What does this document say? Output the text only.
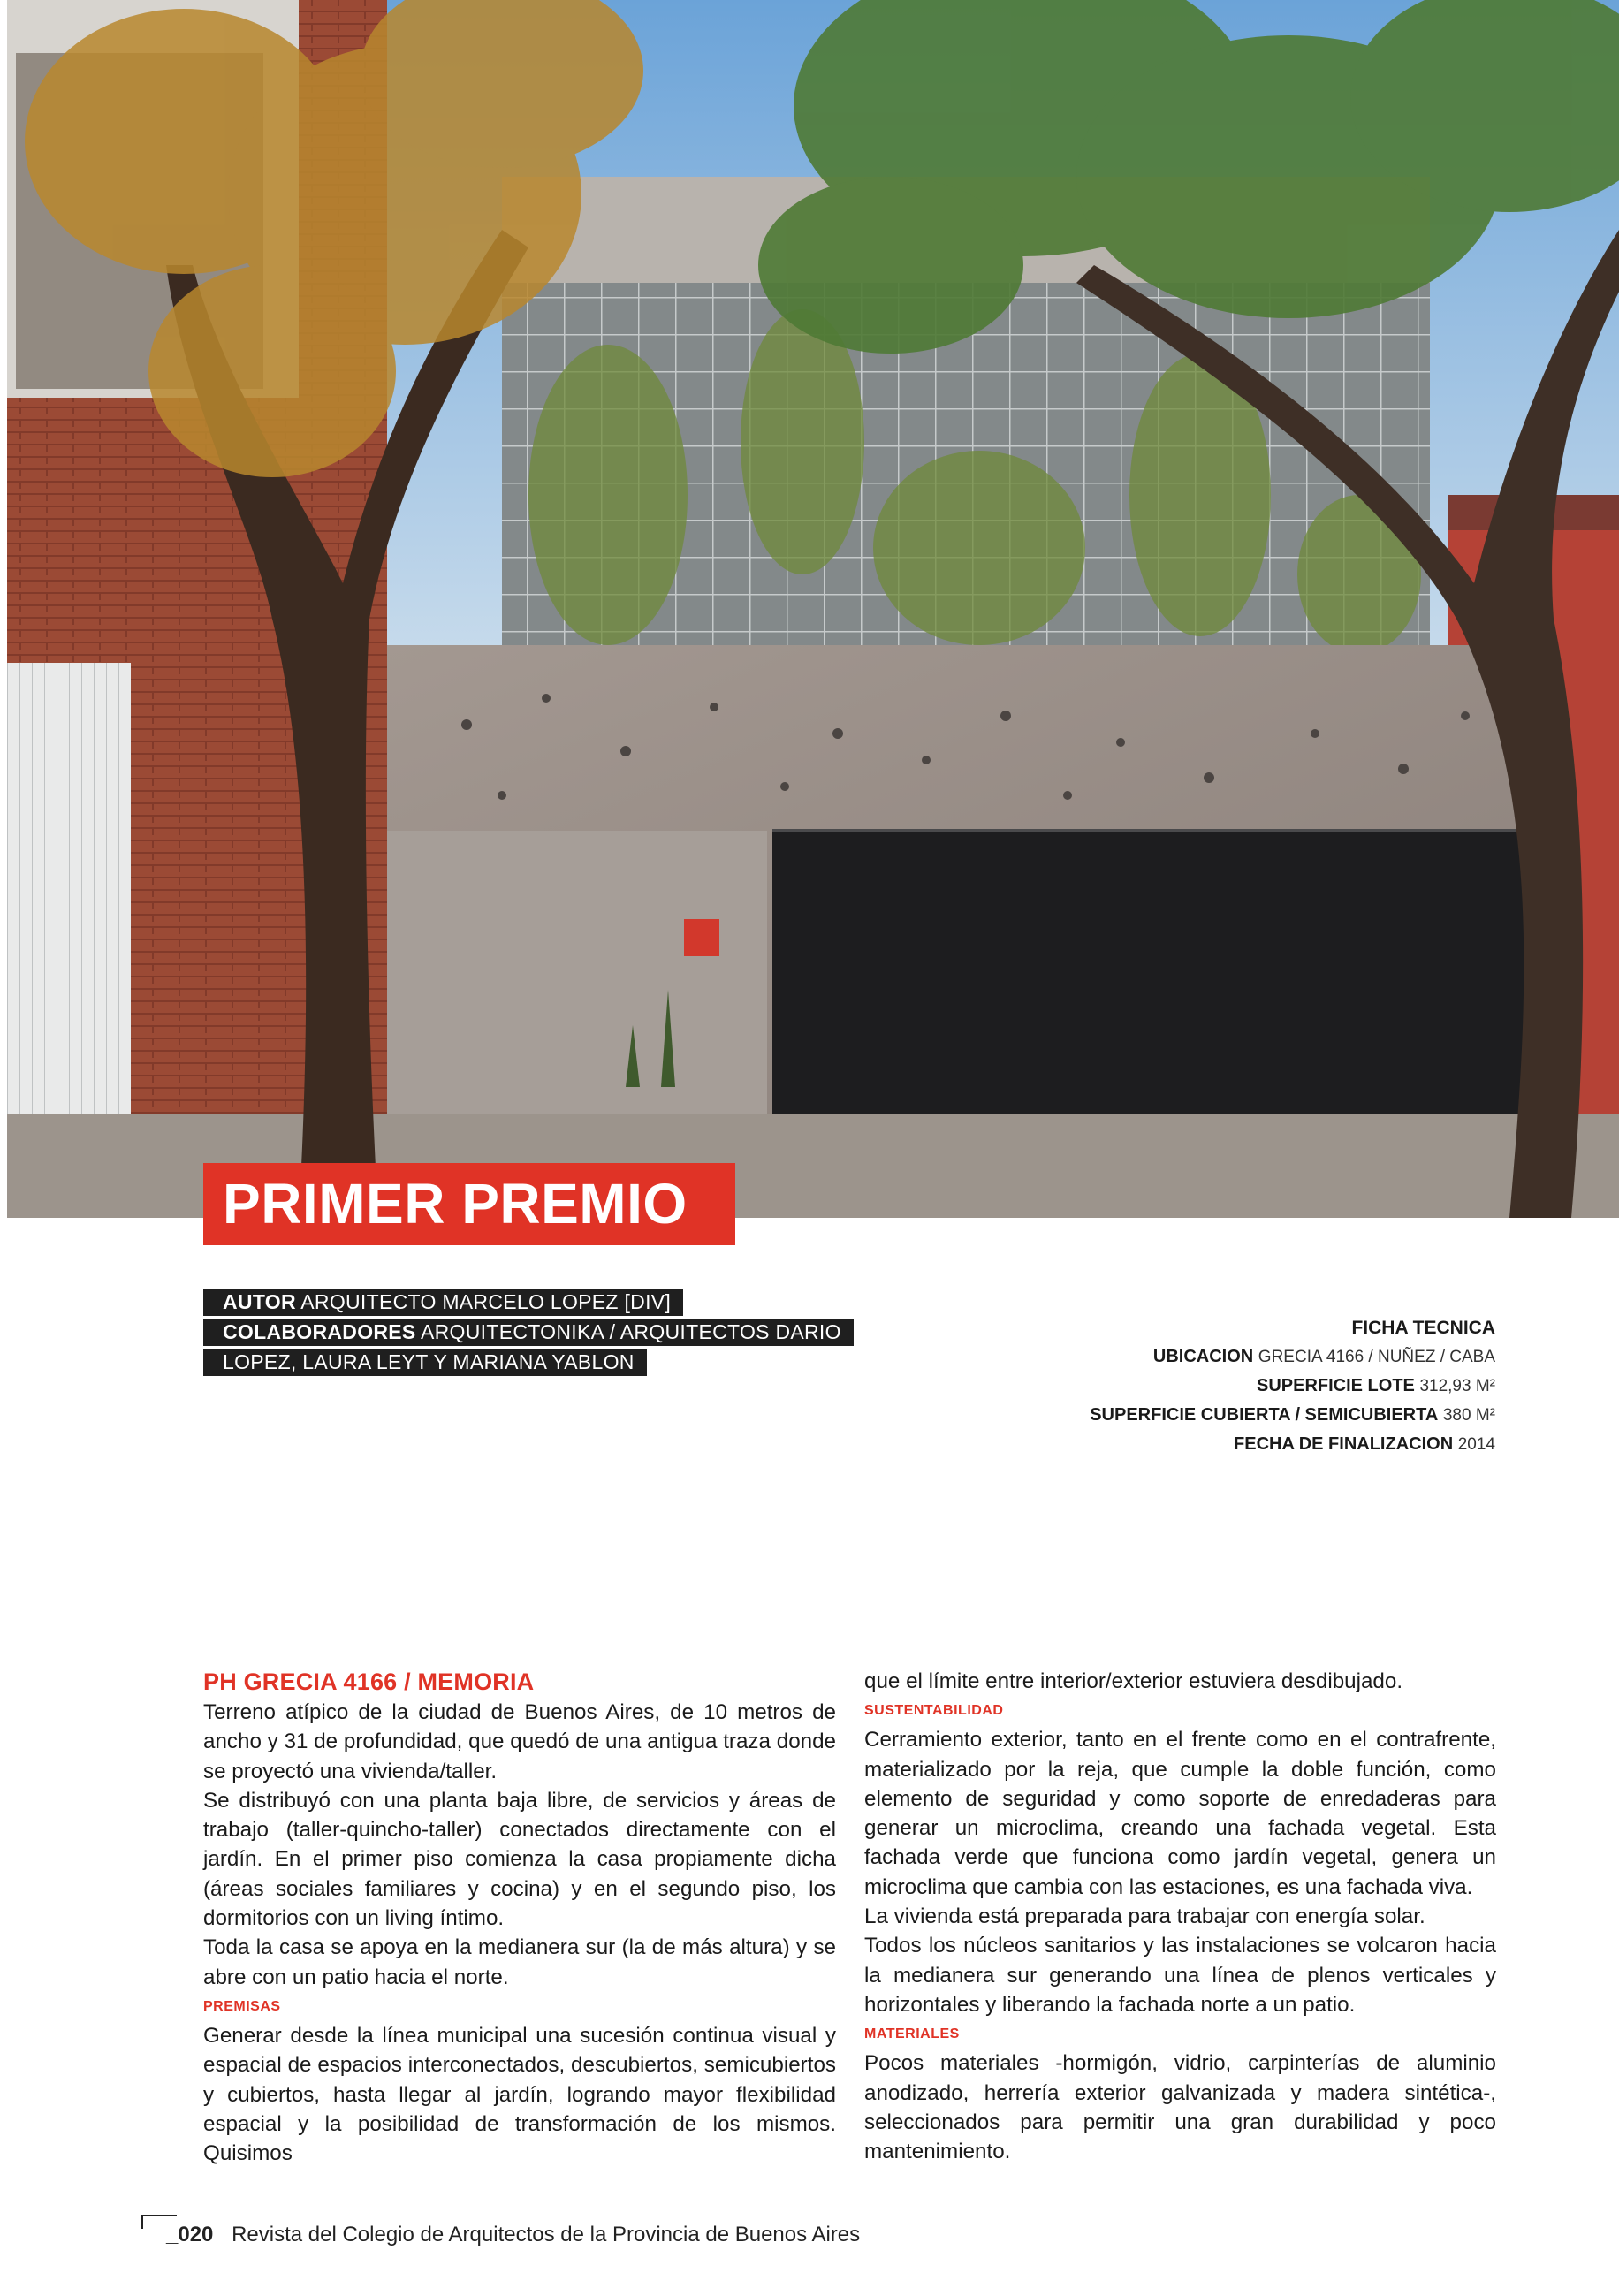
PRIMER PREMIO
AUTOR ARQUITECTO MARCELO LOPEZ [DIV]
COLABORADORES ARQUITECTONIKA / ARQUITECTOS DARIO
LOPEZ, LAURA LEYT Y MARIANA YABLON
FICHA TECNICA
UBICACION GRECIA 4166 / NUÑEZ / CABA
SUPERFICIE LOTE 312,93 M²
SUPERFICIE CUBIERTA / SEMICUBIERTA 380 M²
FECHA DE FINALIZACION 2014

PH GRECIA 4166 / MEMORIA

Terreno atípico de la ciudad de Buenos Aires, de 10 metros de ancho y 31 de profundidad, que quedó de una antigua traza donde se proyectó una vivienda/taller.

Se distribuyó con una planta baja libre, de servicios y áreas de trabajo (taller-quincho-taller) conectados directamente con el jardín. En el primer piso comienza la casa propiamente dicha (áreas sociales familiares y cocina) y en el segundo piso, los dormitorios con un living íntimo.

Toda la casa se apoya en la medianera sur (la de más altura) y se abre con un patio hacia el norte.

PREMISAS

Generar desde la línea municipal una sucesión continua visual y espacial de espacios interconectados, descubiertos, semicubiertos y cubiertos, hasta llegar al jardín, logrando mayor flexibilidad espacial y la posibilidad de transformación de los mismos. Quisimos

que el límite entre interior/exterior estuviera desdibujado.

SUSTENTABILIDAD

Cerramiento exterior, tanto en el frente como en el contrafrente, materializado por la reja, que cumple la doble función, como elemento de seguridad y como soporte de enredaderas para generar un microclima, creando una fachada vegetal. Esta fachada verde que funciona como jardín vegetal, genera un microclima que cambia con las estaciones, es una fachada viva.

La vivienda está preparada para trabajar con energía solar.

Todos los núcleos sanitarios y las instalaciones se volcaron hacia la medianera sur generando una línea de plenos verticales y horizontales y liberando la fachada norte a un patio.

MATERIALES

Pocos materiales -hormigón, vidrio, carpinterías de aluminio anodizado, herrería exterior galvanizada y madera sintética-, seleccionados para permitir una gran durabilidad y poco mantenimiento.

_020 Revista del Colegio de Arquitectos de la Provincia de Buenos Aires
